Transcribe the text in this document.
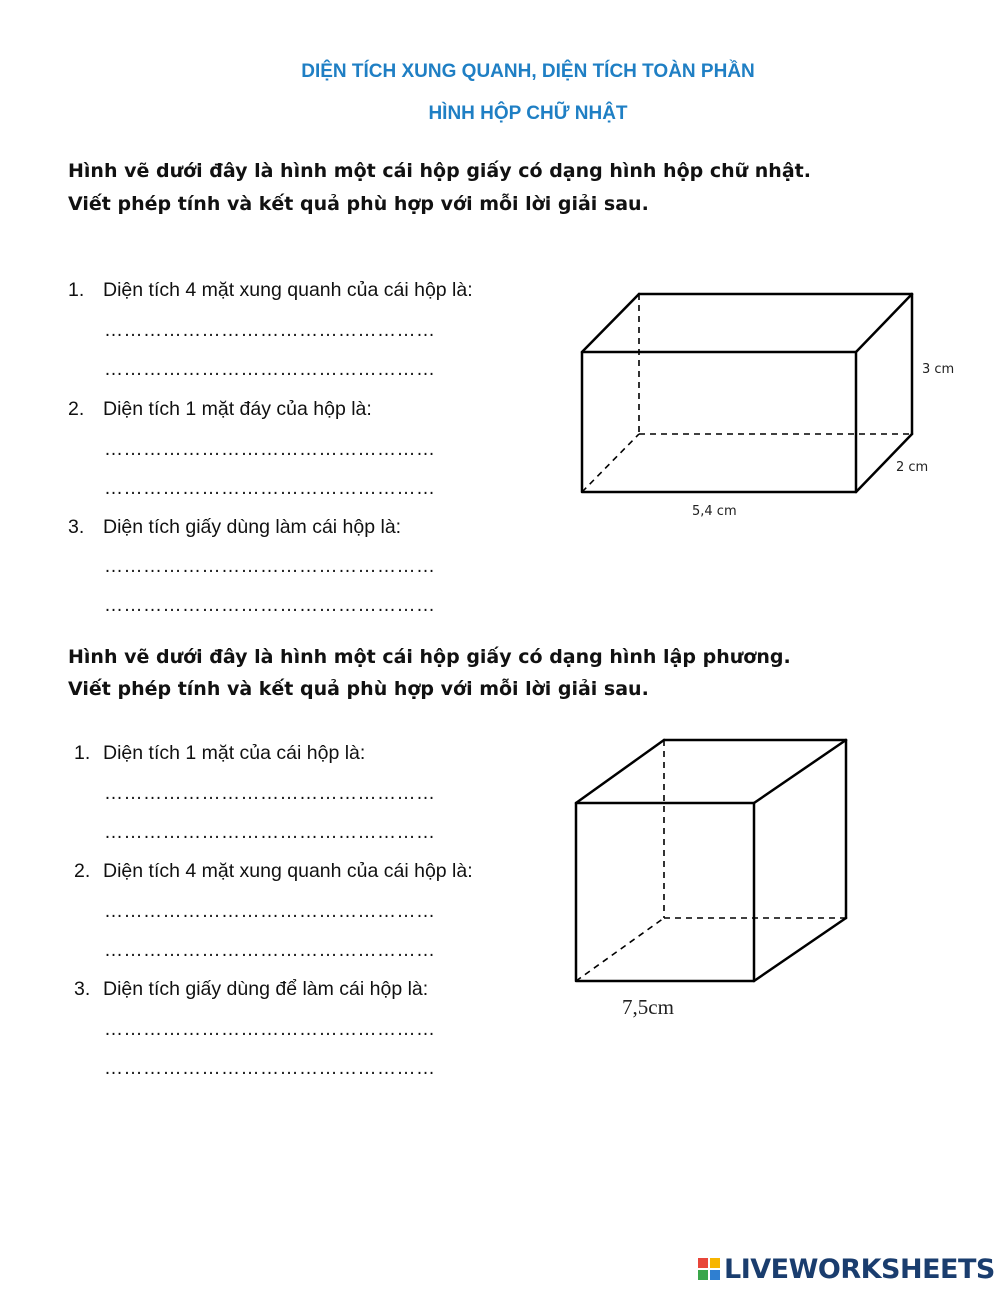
DIỆN TÍCH XUNG QUANH, DIỆN TÍCH TOÀN PHẦN
HÌNH HỘP CHỮ NHẬT
Hình vẽ dưới đây là hình một cái hộp giấy có dạng hình hộp chữ nhật.
Viết phép tính và kết quả phù hợp với mỗi lời giải sau.
1. Diện tích 4 mặt xung quanh của cái hộp là:
……………………………………………
……………………………………………
2. Diện tích 1 mặt đáy của hộp là:
……………………………………………
……………………………………………
3. Diện tích giấy dùng làm cái hộp là:
……………………………………………
……………………………………………
3 cm
2 cm
5,4 cm
Hình vẽ dưới đây là hình một cái hộp giấy có dạng hình lập phương.
Viết phép tính và kết quả phù hợp với mỗi lời giải sau.
1. Diện tích 1 mặt của cái hộp là:
……………………………………………
……………………………………………
2. Diện tích 4 mặt xung quanh của cái hộp là:
……………………………………………
……………………………………………
3. Diện tích giấy dùng để làm cái hộp là:
……………………………………………
……………………………………………
7,5cm
LIVEWORKSHEETS
